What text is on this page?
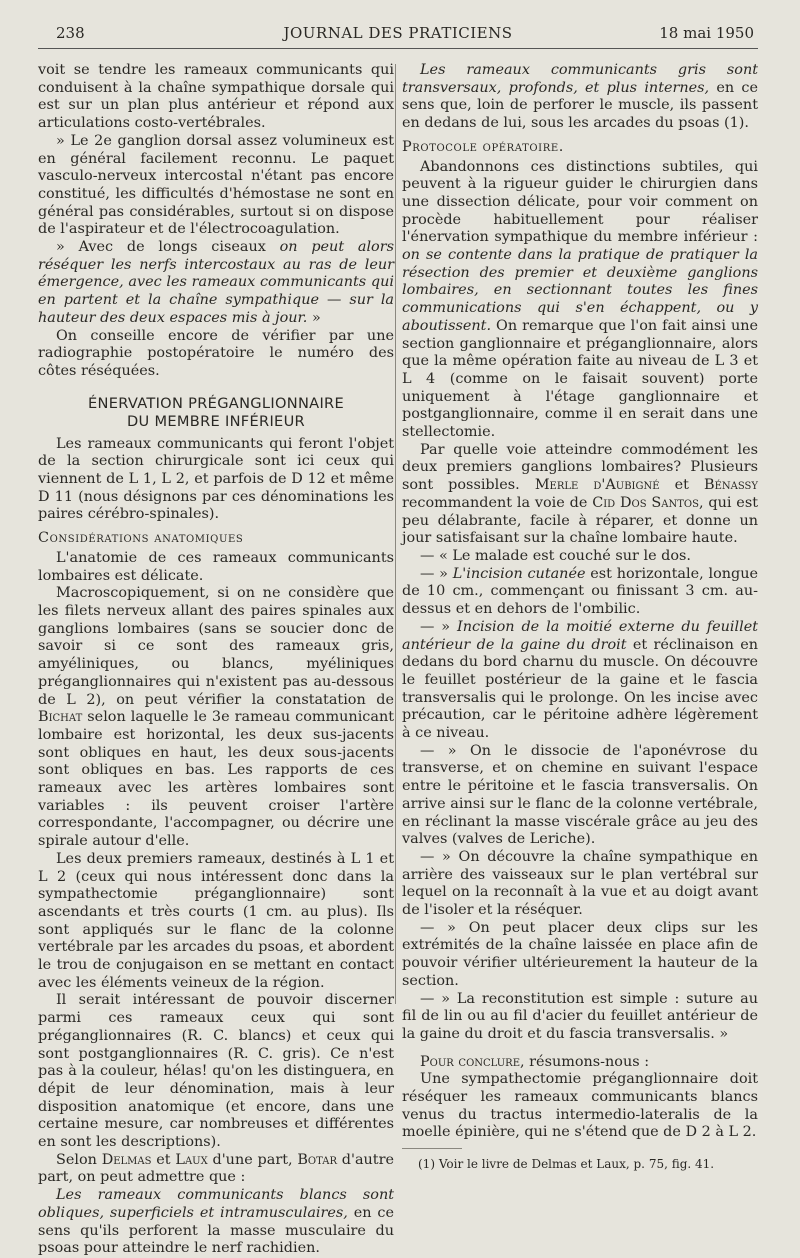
238	JOURNAL DES PRATICIENS	18 mai 1950

voit se tendre les rameaux communicants qui conduisent à la chaîne sympathique dorsale qui est sur un plan plus antérieur et répond aux articulations costo-vertébrales.

» Le 2e ganglion dorsal assez volumineux est en général facilement reconnu. Le paquet vasculo-nerveux intercostal n'étant pas encore constitué, les difficultés d'hémostase ne sont en général pas considérables, surtout si on dispose de l'aspirateur et de l'électrocoagulation.

» Avec de longs ciseaux on peut alors réséquer les nerfs intercostaux au ras de leur émergence, avec les rameaux communicants qui en partent et la chaîne sympathique — sur la hauteur des deux espaces mis à jour. »

On conseille encore de vérifier par une radiographie postopératoire le numéro des côtes réséquées.

ÉNERVATION PRÉGANGLIONNAIRE
DU MEMBRE INFÉRIEUR

Les rameaux communicants qui feront l'objet de la section chirurgicale sont ici ceux qui viennent de L 1, L 2, et parfois de D 12 et même D 11 (nous désignons par ces dénominations les paires cérébro-spinales).

Considérations anatomiques

L'anatomie de ces rameaux communicants lombaires est délicate.

Macroscopiquement, si on ne considère que les filets nerveux allant des paires spinales aux ganglions lombaires (sans se soucier donc de savoir si ce sont des rameaux gris, amyéliniques, ou blancs, myéliniques préganglionnaires qui n'existent pas au-dessous de L 2), on peut vérifier la constatation de Bichat selon laquelle le 3e rameau communicant lombaire est horizontal, les deux sus-jacents sont obliques en haut, les deux sous-jacents sont obliques en bas. Les rapports de ces rameaux avec les artères lombaires sont variables : ils peuvent croiser l'artère correspondante, l'accompagner, ou décrire une spirale autour d'elle.

Les deux premiers rameaux, destinés à L 1 et L 2 (ceux qui nous intéressent donc dans la sympathectomie préganglionnaire) sont ascendants et très courts (1 cm. au plus). Ils sont appliqués sur le flanc de la colonne vertébrale par les arcades du psoas, et abordent le trou de conjugaison en se mettant en contact avec les éléments veineux de la région.

Il serait intéressant de pouvoir discerner parmi ces rameaux ceux qui sont préganglionnaires (R. C. blancs) et ceux qui sont postganglionnaires (R. C. gris). Ce n'est pas à la couleur, hélas! qu'on les distinguera, en dépit de leur dénomination, mais à leur disposition anatomique (et encore, dans une certaine mesure, car nombreuses et différentes en sont les descriptions).

Selon Delmas et Laux d'une part, Botar d'autre part, on peut admettre que :

Les rameaux communicants blancs sont obliques, superficiels et intramusculaires, en ce sens qu'ils perforent la masse musculaire du psoas pour atteindre le nerf rachidien.

Les rameaux communicants gris sont transversaux, profonds, et plus internes, en ce sens que, loin de perforer le muscle, ils passent en dedans de lui, sous les arcades du psoas (1).

Protocole opératoire.

Abandonnons ces distinctions subtiles, qui peuvent à la rigueur guider le chirurgien dans une dissection délicate, pour voir comment on procède habituellement pour réaliser l'énervation sympathique du membre inférieur : on se contente dans la pratique de pratiquer la résection des premier et deuxième ganglions lombaires, en sectionnant toutes les fines communications qui s'en échappent, ou y aboutissent. On remarque que l'on fait ainsi une section ganglionnaire et préganglionnaire, alors que la même opération faite au niveau de L 3 et L 4 (comme on le faisait souvent) porte uniquement à l'étage ganglionnaire et postganglionnaire, comme il en serait dans une stellectomie.

Par quelle voie atteindre commodément les deux premiers ganglions lombaires? Plusieurs sont possibles. Merle d'Aubigné et Bénassy recommandent la voie de Cid Dos Santos, qui est peu délabrante, facile à réparer, et donne un jour satisfaisant sur la chaîne lombaire haute.

— « Le malade est couché sur le dos.

— » L'incision cutanée est horizontale, longue de 10 cm., commençant ou finissant 3 cm. au-dessus et en dehors de l'ombilic.

— » Incision de la moitié externe du feuillet antérieur de la gaine du droit et réclinaison en dedans du bord charnu du muscle. On découvre le feuillet postérieur de la gaine et le fascia transversalis qui le prolonge. On les incise avec précaution, car le péritoine adhère légèrement à ce niveau.

— » On le dissocie de l'aponévrose du transverse, et on chemine en suivant l'espace entre le péritoine et le fascia transversalis. On arrive ainsi sur le flanc de la colonne vertébrale, en réclinant la masse viscérale grâce au jeu des valves (valves de Leriche).

— » On découvre la chaîne sympathique en arrière des vaisseaux sur le plan vertébral sur lequel on la reconnaît à la vue et au doigt avant de l'isoler et la réséquer.

— » On peut placer deux clips sur les extrémités de la chaîne laissée en place afin de pouvoir vérifier ultérieurement la hauteur de la section.

— » La reconstitution est simple : suture au fil de lin ou au fil d'acier du feuillet antérieur de la gaine du droit et du fascia transversalis. »

Pour conclure, résumons-nous :

Une sympathectomie préganglionnaire doit réséquer les rameaux communicants blancs venus du tractus intermedio-lateralis de la moelle épinière, qui ne s'étend que de D 2 à L 2.

(1) Voir le livre de Delmas et Laux, p. 75, fig. 41.
